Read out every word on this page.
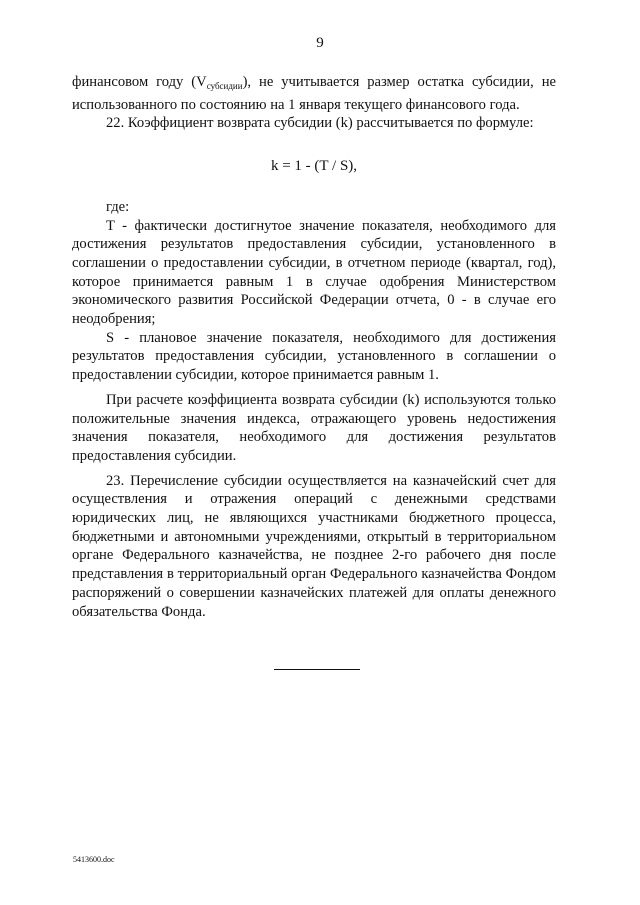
9

финансовом году $(V_{субсидии})$, не учитывается размер остатка субсидии, не использованного по состоянию на 1 января текущего финансового года.

22. Коэффициент возврата субсидии (k) рассчитывается по формуле:

k = 1 - (T / S),

где:

T - фактически достигнутое значение показателя, необходимого для достижения результатов предоставления субсидии, установленного в соглашении о предоставлении субсидии, в отчетном периоде (квартал, год), которое принимается равным 1 в случае одобрения Министерством экономического развития Российской Федерации отчета, 0 - в случае его неодобрения;

S - плановое значение показателя, необходимого для достижения результатов предоставления субсидии, установленного в соглашении о предоставлении субсидии, которое принимается равным 1.

При расчете коэффициента возврата субсидии (k) используются только положительные значения индекса, отражающего уровень недостижения значения показателя, необходимого для достижения результатов предоставления субсидии.

23. Перечисление субсидии осуществляется на казначейский счет для осуществления и отражения операций с денежными средствами юридических лиц, не являющихся участниками бюджетного процесса, бюджетными и автономными учреждениями, открытый в территориальном органе Федерального казначейства, не позднее 2-го рабочего дня после представления в территориальный орган Федерального казначейства Фондом распоряжений о совершении казначейских платежей для оплаты денежного обязательства Фонда.

5413600.doc
